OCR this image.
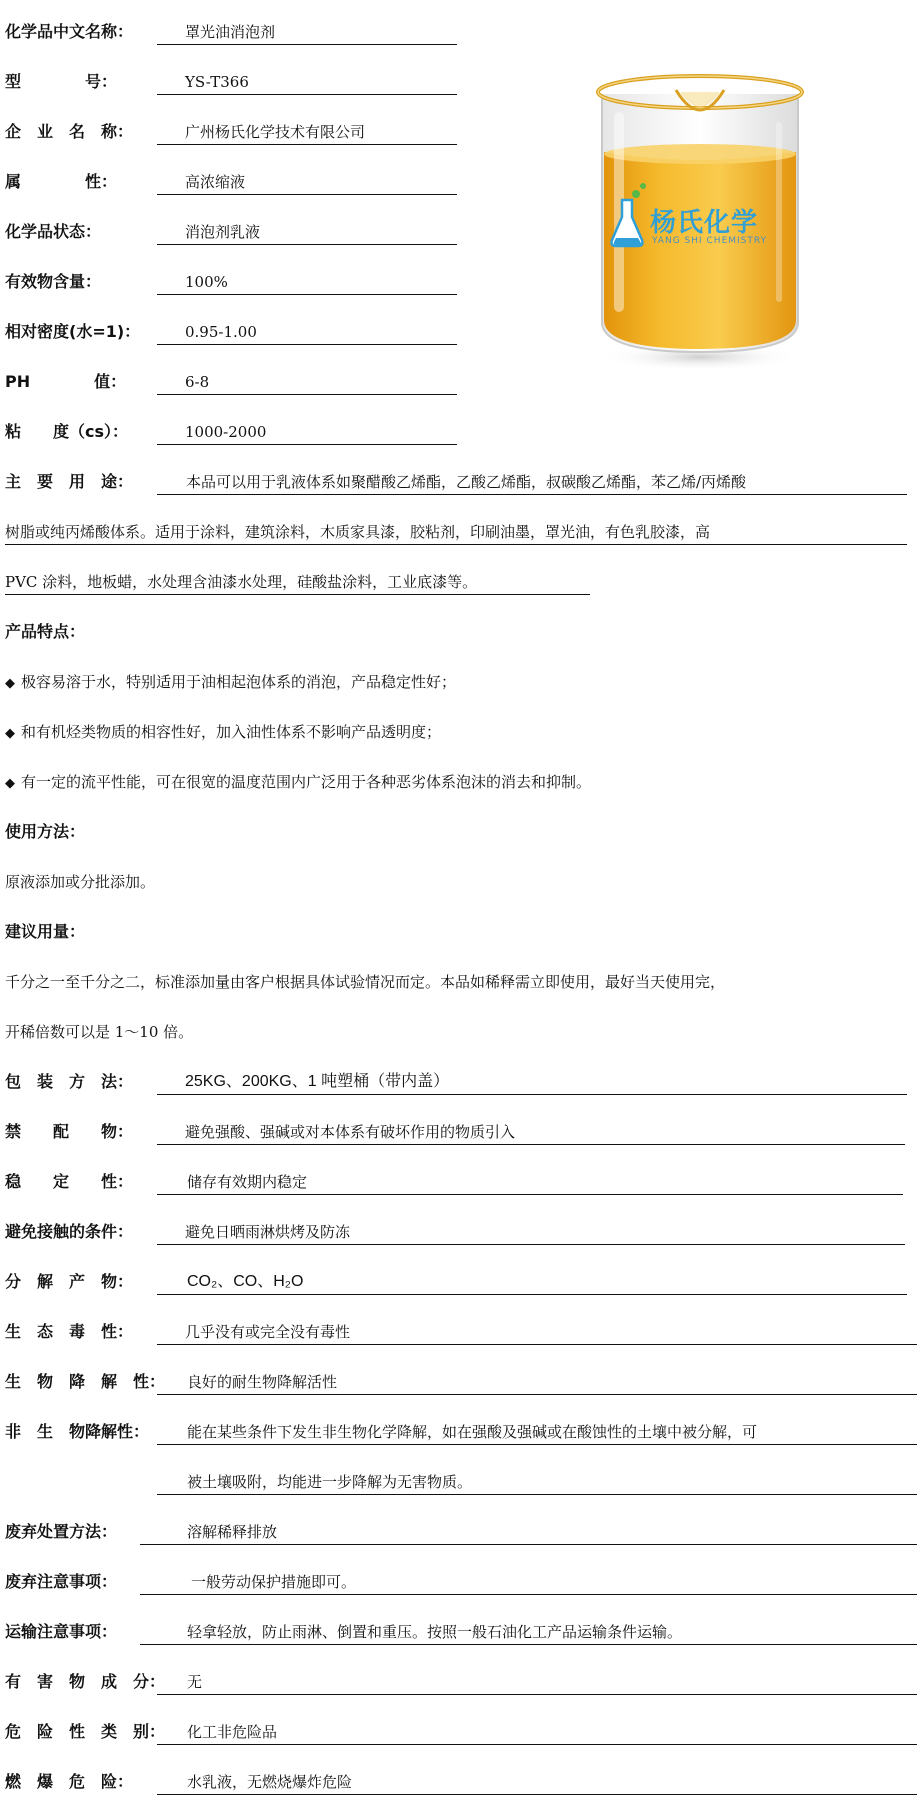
化学品中文名称：	罩光油消泡剂
型　　　　号：	YS-T366
企　业　名　称：	广州杨氏化学技术有限公司
属　　　　性：	高浓缩液
化学品状态：	消泡剂乳液
有效物含量：	100%
相对密度(水=1)：	0.95-1.00
PH　　　　值：	6-8
粘　　度（cs）：	1000-2000
杨氏化学
YANG SHI CHEMISTRY
主　要　用　途：	本品可以用于乳液体系如聚醋酸乙烯酯，乙酸乙烯酯，叔碳酸乙烯酯，苯乙烯/丙烯酸
树脂或纯丙烯酸体系。适用于涂料，建筑涂料，木质家具漆，胶粘剂，印刷油墨，罩光油，有色乳胶漆，高
PVC 涂料，地板蜡，水处理含油漆水处理，硅酸盐涂料，工业底漆等。
产品特点：
◆ 极容易溶于水，特别适用于油相起泡体系的消泡，产品稳定性好；
◆ 和有机烃类物质的相容性好，加入油性体系不影响产品透明度；
◆ 有一定的流平性能，可在很宽的温度范围内广泛用于各种恶劣体系泡沫的消去和抑制。
使用方法：
原液添加或分批添加。
建议用量：
千分之一至千分之二，标准添加量由客户根据具体试验情况而定。本品如稀释需立即使用，最好当天使用完，
开稀倍数可以是 1～10 倍。
包　装　方　法：	25KG、200KG、1 吨塑桶（带内盖）
禁　　配　　物：	避免强酸、强碱或对本体系有破坏作用的物质引入
稳　　定　　性：	储存有效期内稳定
避免接触的条件：	避免日晒雨淋烘烤及防冻
分　解　产　物：	CO₂、CO、H₂O
生　态　毒　性：	几乎没有或完全没有毒性
生　物　降　解　性： 良好的耐生物降解活性
非　生　物降解性：	能在某些条件下发生非生物化学降解，如在强酸及强碱或在酸蚀性的土壤中被分解，可
被土壤吸附，均能进一步降解为无害物质。
废弃处置方法：	溶解稀释排放
废弃注意事项：	一般劳动保护措施即可。
运输注意事项：	轻拿轻放，防止雨淋、倒置和重压。按照一般石油化工产品运输条件运输。
有　害　物　成　分： 无
危　险　性　类　别： 化工非危险品
燃　爆　危　险：	水乳液，无燃烧爆炸危险
